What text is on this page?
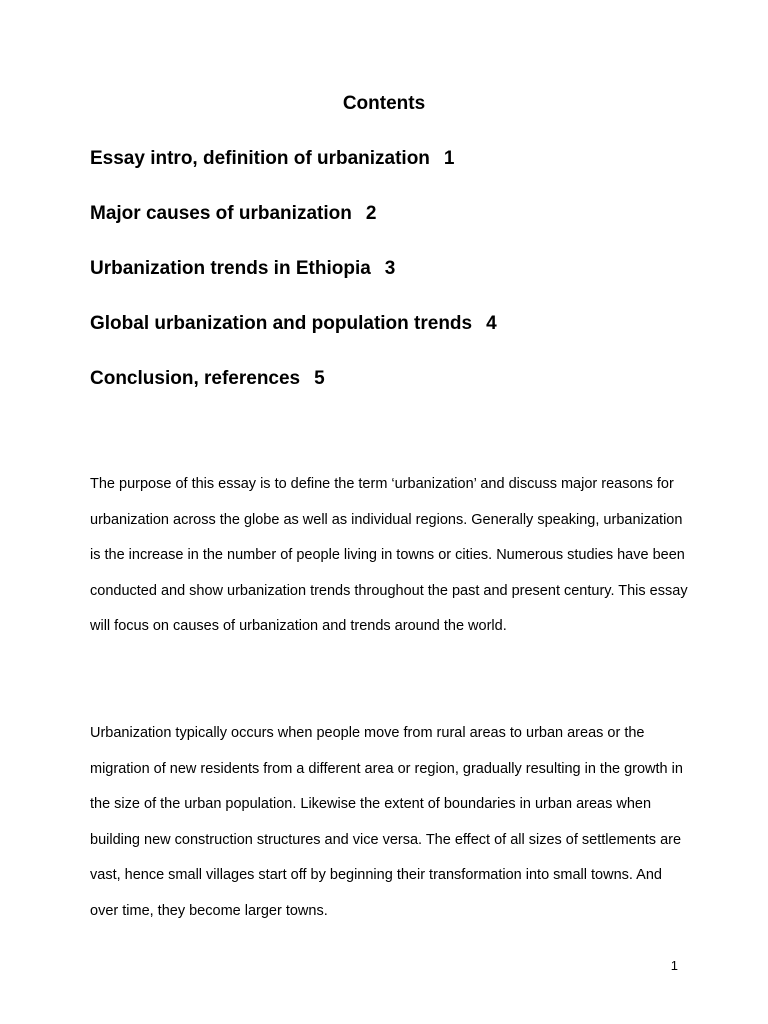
Contents
Essay intro, definition of urbanization 1
Major causes of urbanization 2
Urbanization trends in Ethiopia 3
Global urbanization and population trends 4
Conclusion, references 5

The purpose of this essay is to define the term ‘urbanization’ and discuss major reasons for urbanization across the globe as well as individual regions. Generally speaking, urbanization is the increase in the number of people living in towns or cities. Numerous studies have been conducted and show urbanization trends throughout the past and present century. This essay will focus on causes of urbanization and trends around the world.

Urbanization typically occurs when people move from rural areas to urban areas or the migration of new residents from a different area or region, gradually resulting in the growth in the size of the urban population. Likewise the extent of boundaries in urban areas when building new construction structures and vice versa. The effect of all sizes of settlements are vast, hence small villages start off by beginning their transformation into small towns. And over time, they become larger towns.

1
